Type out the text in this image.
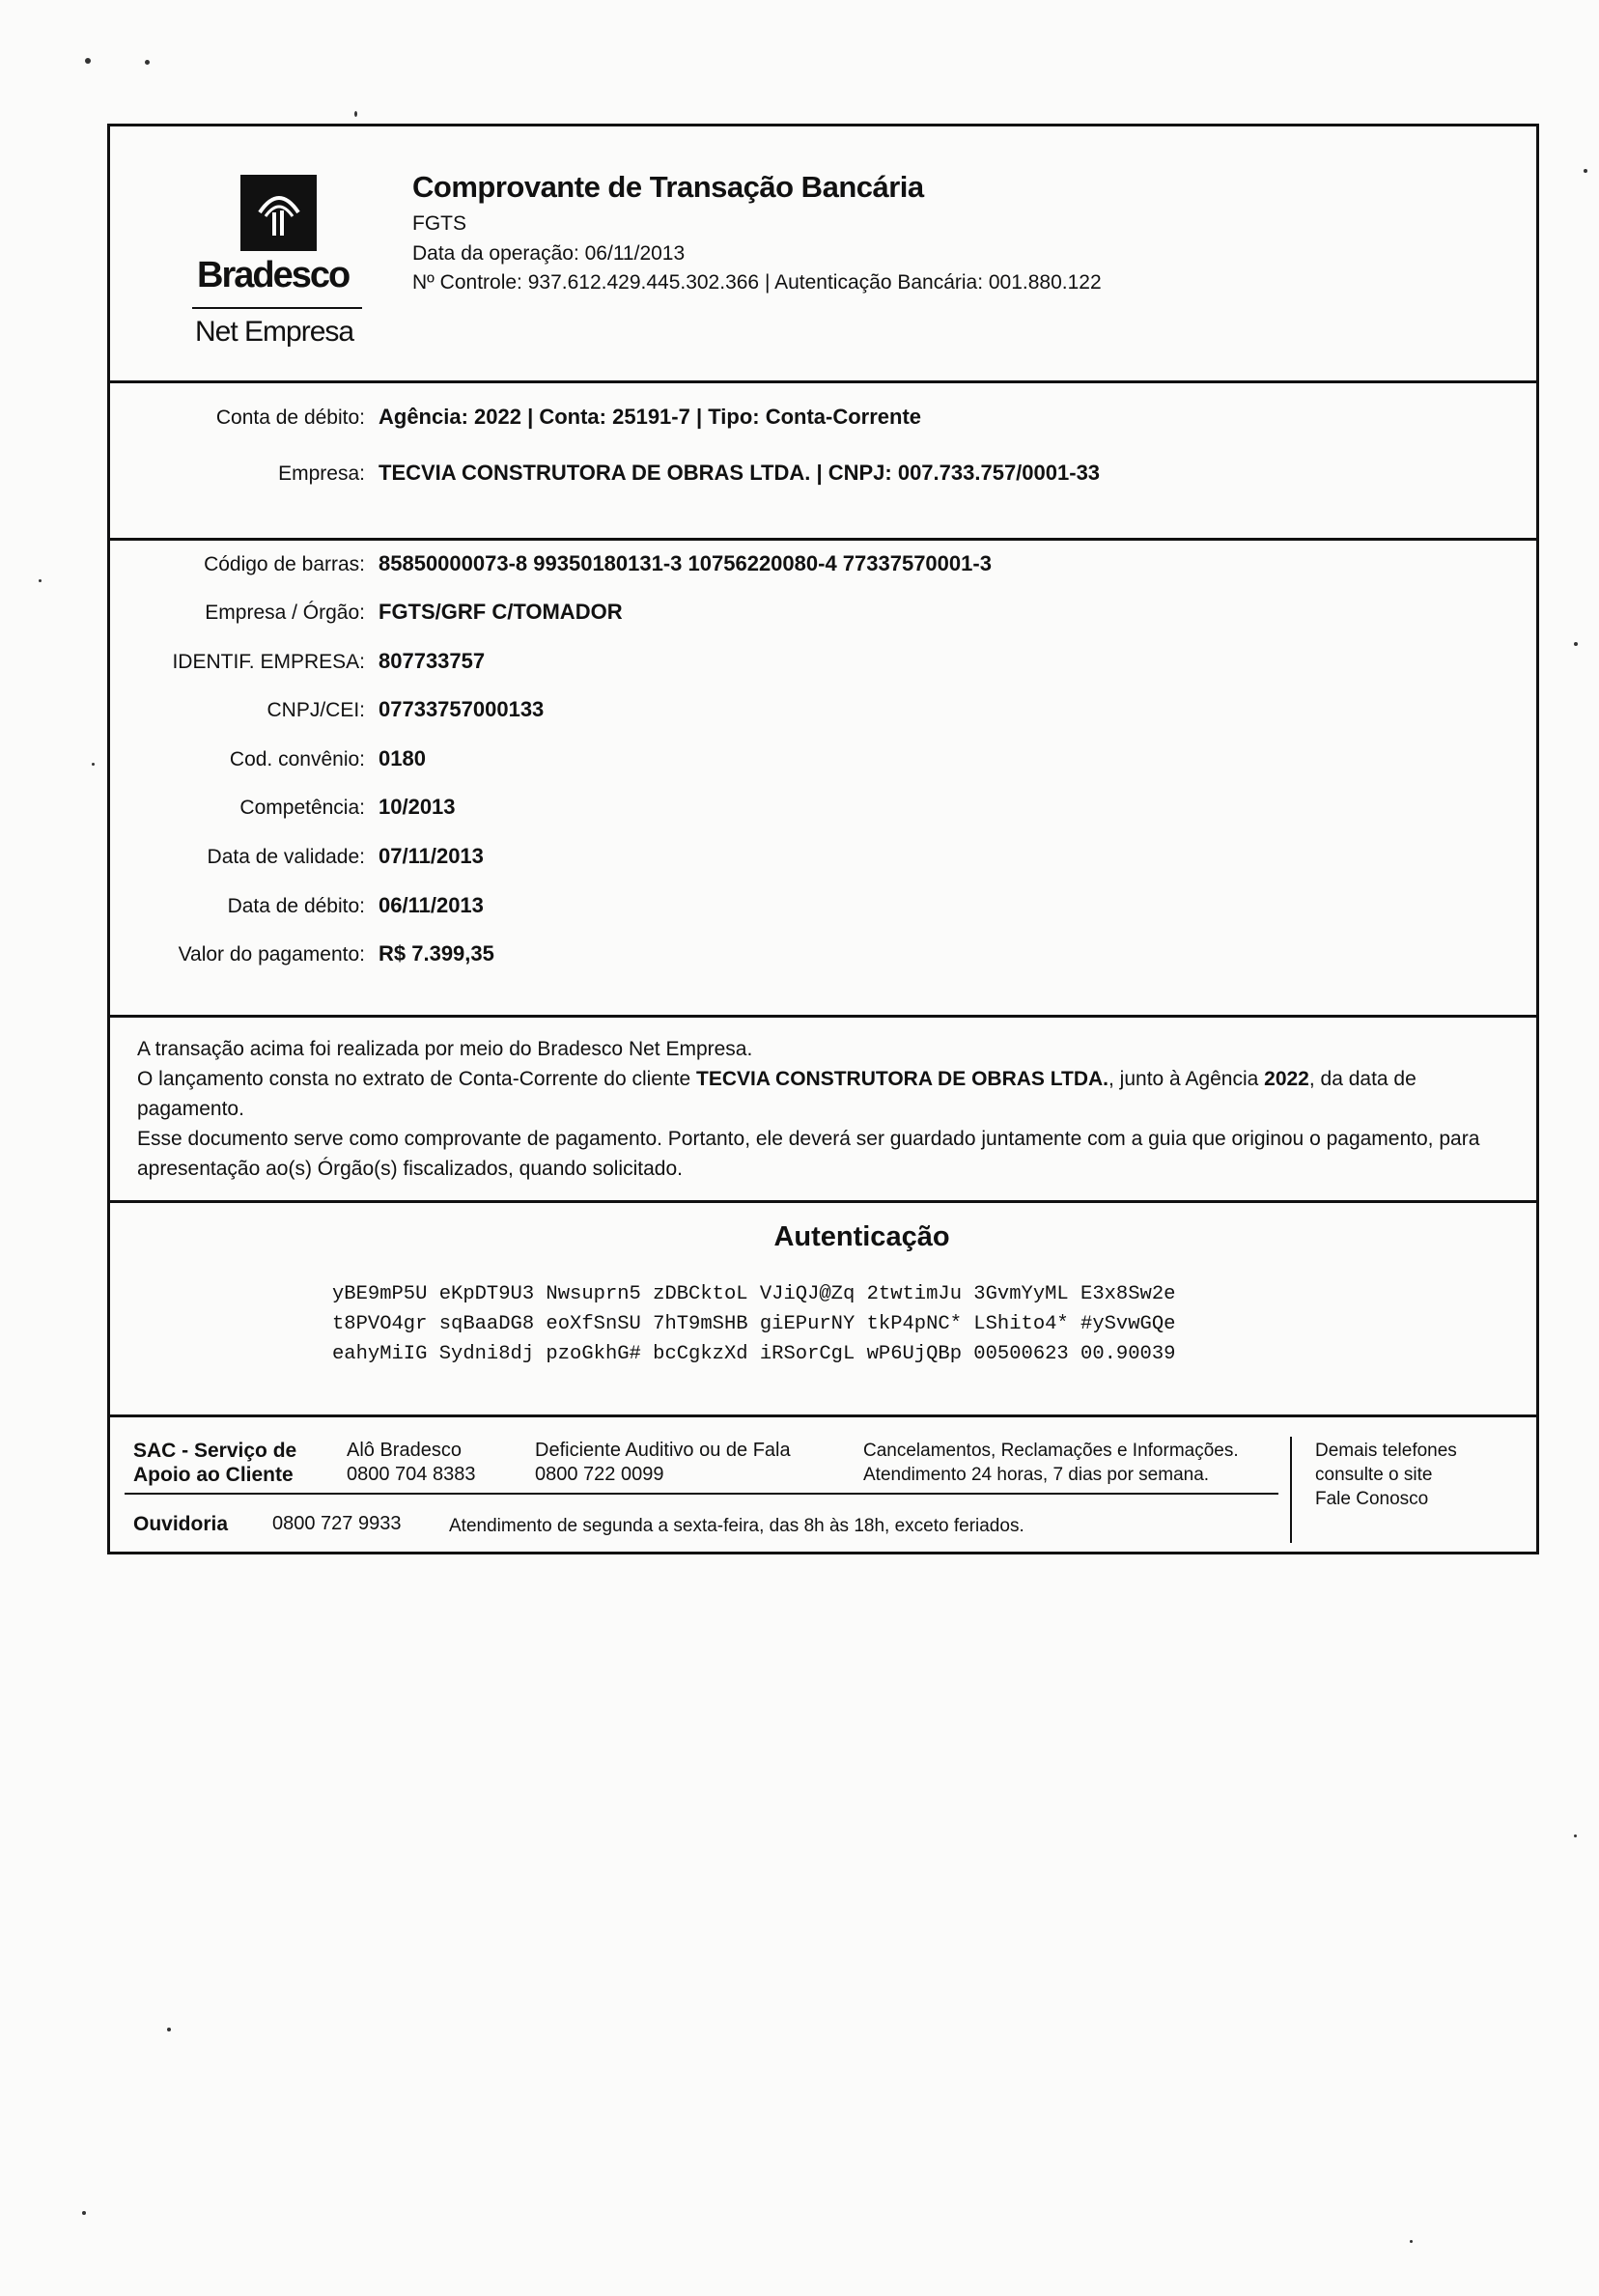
Bradesco
Net Empresa
Comprovante de Transação Bancária
FGTS
Data da operação: 06/11/2013
Nº Controle: 937.612.429.445.302.366 | Autenticação Bancária: 001.880.122
Conta de débito: Agência: 2022 | Conta: 25191-7 | Tipo: Conta-Corrente
Empresa: TECVIA CONSTRUTORA DE OBRAS LTDA. | CNPJ: 007.733.757/0001-33
Código de barras: 85850000073-8 99350180131-3 10756220080-4 77337570001-3
Empresa / Órgão: FGTS/GRF C/TOMADOR
IDENTIF. EMPRESA: 807733757
CNPJ/CEI: 07733757000133
Cod. convênio: 0180
Competência: 10/2013
Data de validade: 07/11/2013
Data de débito: 06/11/2013
Valor do pagamento: R$ 7.399,35

A transação acima foi realizada por meio do Bradesco Net Empresa.

O lançamento consta no extrato de Conta-Corrente do cliente TECVIA CONSTRUTORA DE OBRAS LTDA., junto à Agência 2022, da data de pagamento.

Esse documento serve como comprovante de pagamento. Portanto, ele deverá ser guardado juntamente com a guia que originou o pagamento, para apresentação ao(s) Órgão(s) fiscalizados, quando solicitado.

Autenticação
yBE9mP5U eKpDT9U3 Nwsuprn5 zDBCktoL VJiQJ@Zq 2twtimJu 3GvmYyML E3x8Sw2e
t8PVO4gr sqBaaDG8 eoXfSnSU 7hT9mSHB giEPurNY tkP4pNC* LShito4* #ySvwGQe
eahyMiIG Sydni8dj pzoGkhG# bcCgkzXd iRSorCgL wP6UjQBp 00500623 00.90039
SAC - Serviço de
Apoio ao Cliente
Alô Bradesco
0800 704 8383
Deficiente Auditivo ou de Fala
0800 722 0099
Cancelamentos, Reclamações e Informações.
Atendimento 24 horas, 7 dias por semana.
Demais telefones
consulte o site
Fale Conosco
Ouvidoria 0800 727 9933	Atendimento de segunda a sexta-feira, das 8h às 18h, exceto feriados.
